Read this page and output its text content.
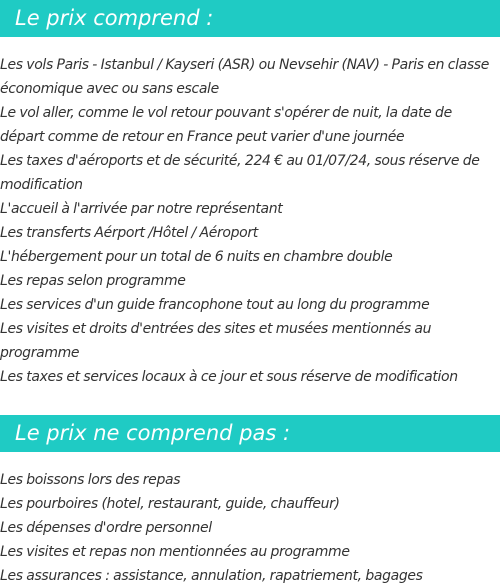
Le prix comprend :
Les vols Paris - Istanbul / Kayseri (ASR) ou Nevsehir (NAV) - Paris en classe économique avec ou sans escale
Le vol aller, comme le vol retour pouvant s'opérer de nuit, la date de départ comme de retour en France peut varier d'une journée
Les taxes d'aéroports et de sécurité, 224 € au 01/07/24, sous réserve de modification
L'accueil à l'arrivée par notre représentant
Les transferts Aérport /Hôtel / Aéroport
L'hébergement pour un total de 6 nuits en chambre double
Les repas selon programme
Les services d'un guide francophone tout au long du programme
Les visites et droits d'entrées des sites et musées mentionnés au programme
Les taxes et services locaux à ce jour et sous réserve de modification
Le prix ne comprend pas :
Les boissons lors des repas
Les pourboires (hotel, restaurant, guide, chauffeur)
Les dépenses d'ordre personnel
Les visites et repas non mentionnées au programme
Les assurances : assistance, annulation, rapatriement, bagages
